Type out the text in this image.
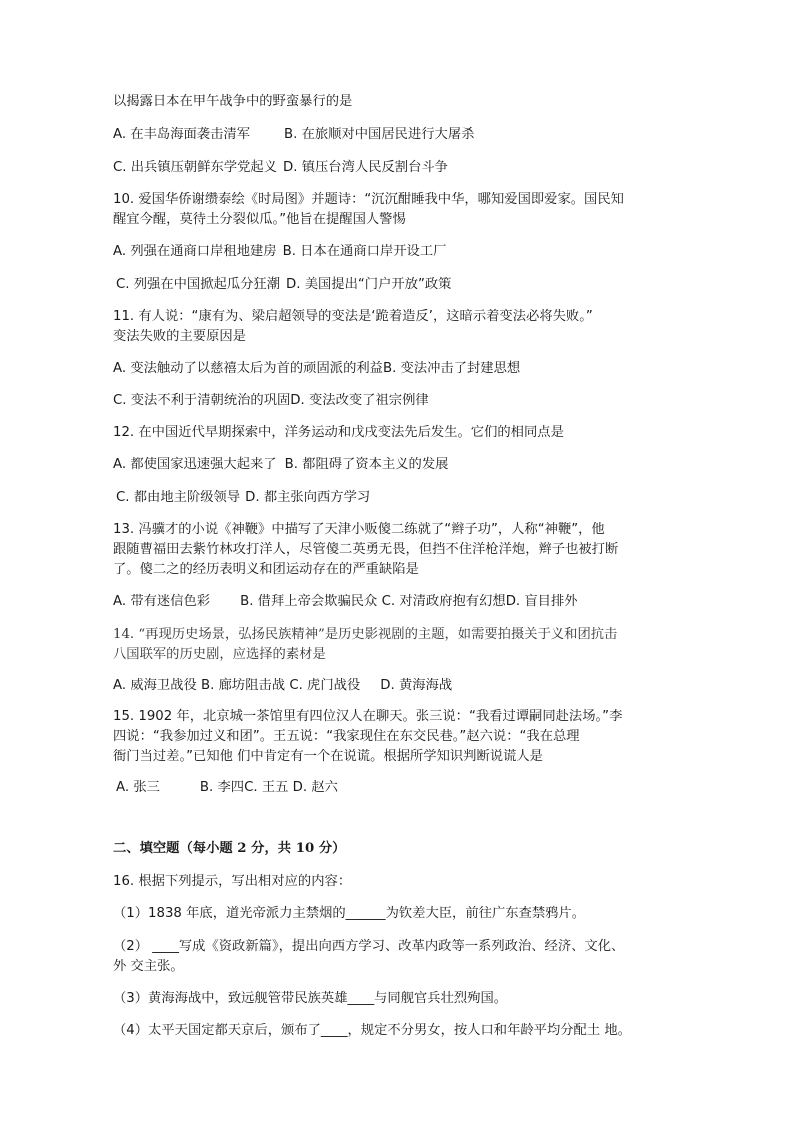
以揭露日本在甲午战争中的野蛮暴行的是

A. 在丰岛海面袭击清军	B. 在旅顺对中国居民进行大屠杀

C. 出兵镇压朝鲜东学党起义 D. 镇压台湾人民反割台斗争

10. 爱国华侨谢缵泰绘《时局图》并题诗：“沉沉酣睡我中华，哪知爱国即爱家。国民知

醒宜今醒，莫待土分裂似瓜。”他旨在提醒国人警惕

A. 列强在通商口岸租地建房 B. 日本在通商口岸开设工厂

C. 列强在中国掀起瓜分狂潮 D. 美国提出“门户开放”政策

11. 有人说：“康有为、梁启超领导的变法是‘跪着造反’，这暗示着变法必将失败。”

变法失败的主要原因是

A. 变法触动了以慈禧太后为首的顽固派的利益B. 变法冲击了封建思想

C. 变法不利于清朝统治的巩固D. 变法改变了祖宗例律

12. 在中国近代早期探索中，洋务运动和戊戌变法先后发生。它们的相同点是

A. 都使国家迅速强大起来了 B. 都阻碍了资本主义的发展

C. 都由地主阶级领导 D. 都主张向西方学习

13. 冯骥才的小说《神鞭》中描写了天津小贩傻二练就了“辫子功”，人称“神鞭”，他

跟随曹福田去紫竹林攻打洋人，尽管傻二英勇无畏，但挡不住洋枪洋炮，辫子也被打断

了。傻二之的经历表明义和团运动存在的严重缺陷是

A. 带有迷信色彩 B. 借拜上帝会欺骗民众 C. 对清政府抱有幻想D. 盲目排外

14. “再现历史场景，弘扬民族精神”是历史影视剧的主题，如需要拍摄关于义和团抗击

八国联军的历史剧，应选择的素材是

A. 威海卫战役 B. 廊坊阻击战 C. 虎门战役 D. 黄海海战

15. 1902 年，北京城一茶馆里有四位汉人在聊天。张三说：“我看过谭嗣同赴法场。”李

四说：“我参加过义和团”。王五说：“我家现住在东交民巷。”赵六说：“我在总理

衙门当过差。”已知他 们中肯定有一个在说谎。根据所学知识判断说谎人是

A. 张三	B. 李四C. 王五 D. 赵六

二、填空题（每小题 2 分，共 10 分）

16. 根据下列提示，写出相对应的内容：

（1）1838 年底，道光帝派力主禁烟的______为钦差大臣，前往广东查禁鸦片。

（2） ____写成《资政新篇》，提出向西方学习、改革内政等一系列政治、经济、文化、

外 交主张。

（3）黄海海战中，致远舰管带民族英雄____与同舰官兵壮烈殉国。

（4）太平天国定都天京后，颁布了____，规定不分男女，按人口和年龄平均分配土 地。
